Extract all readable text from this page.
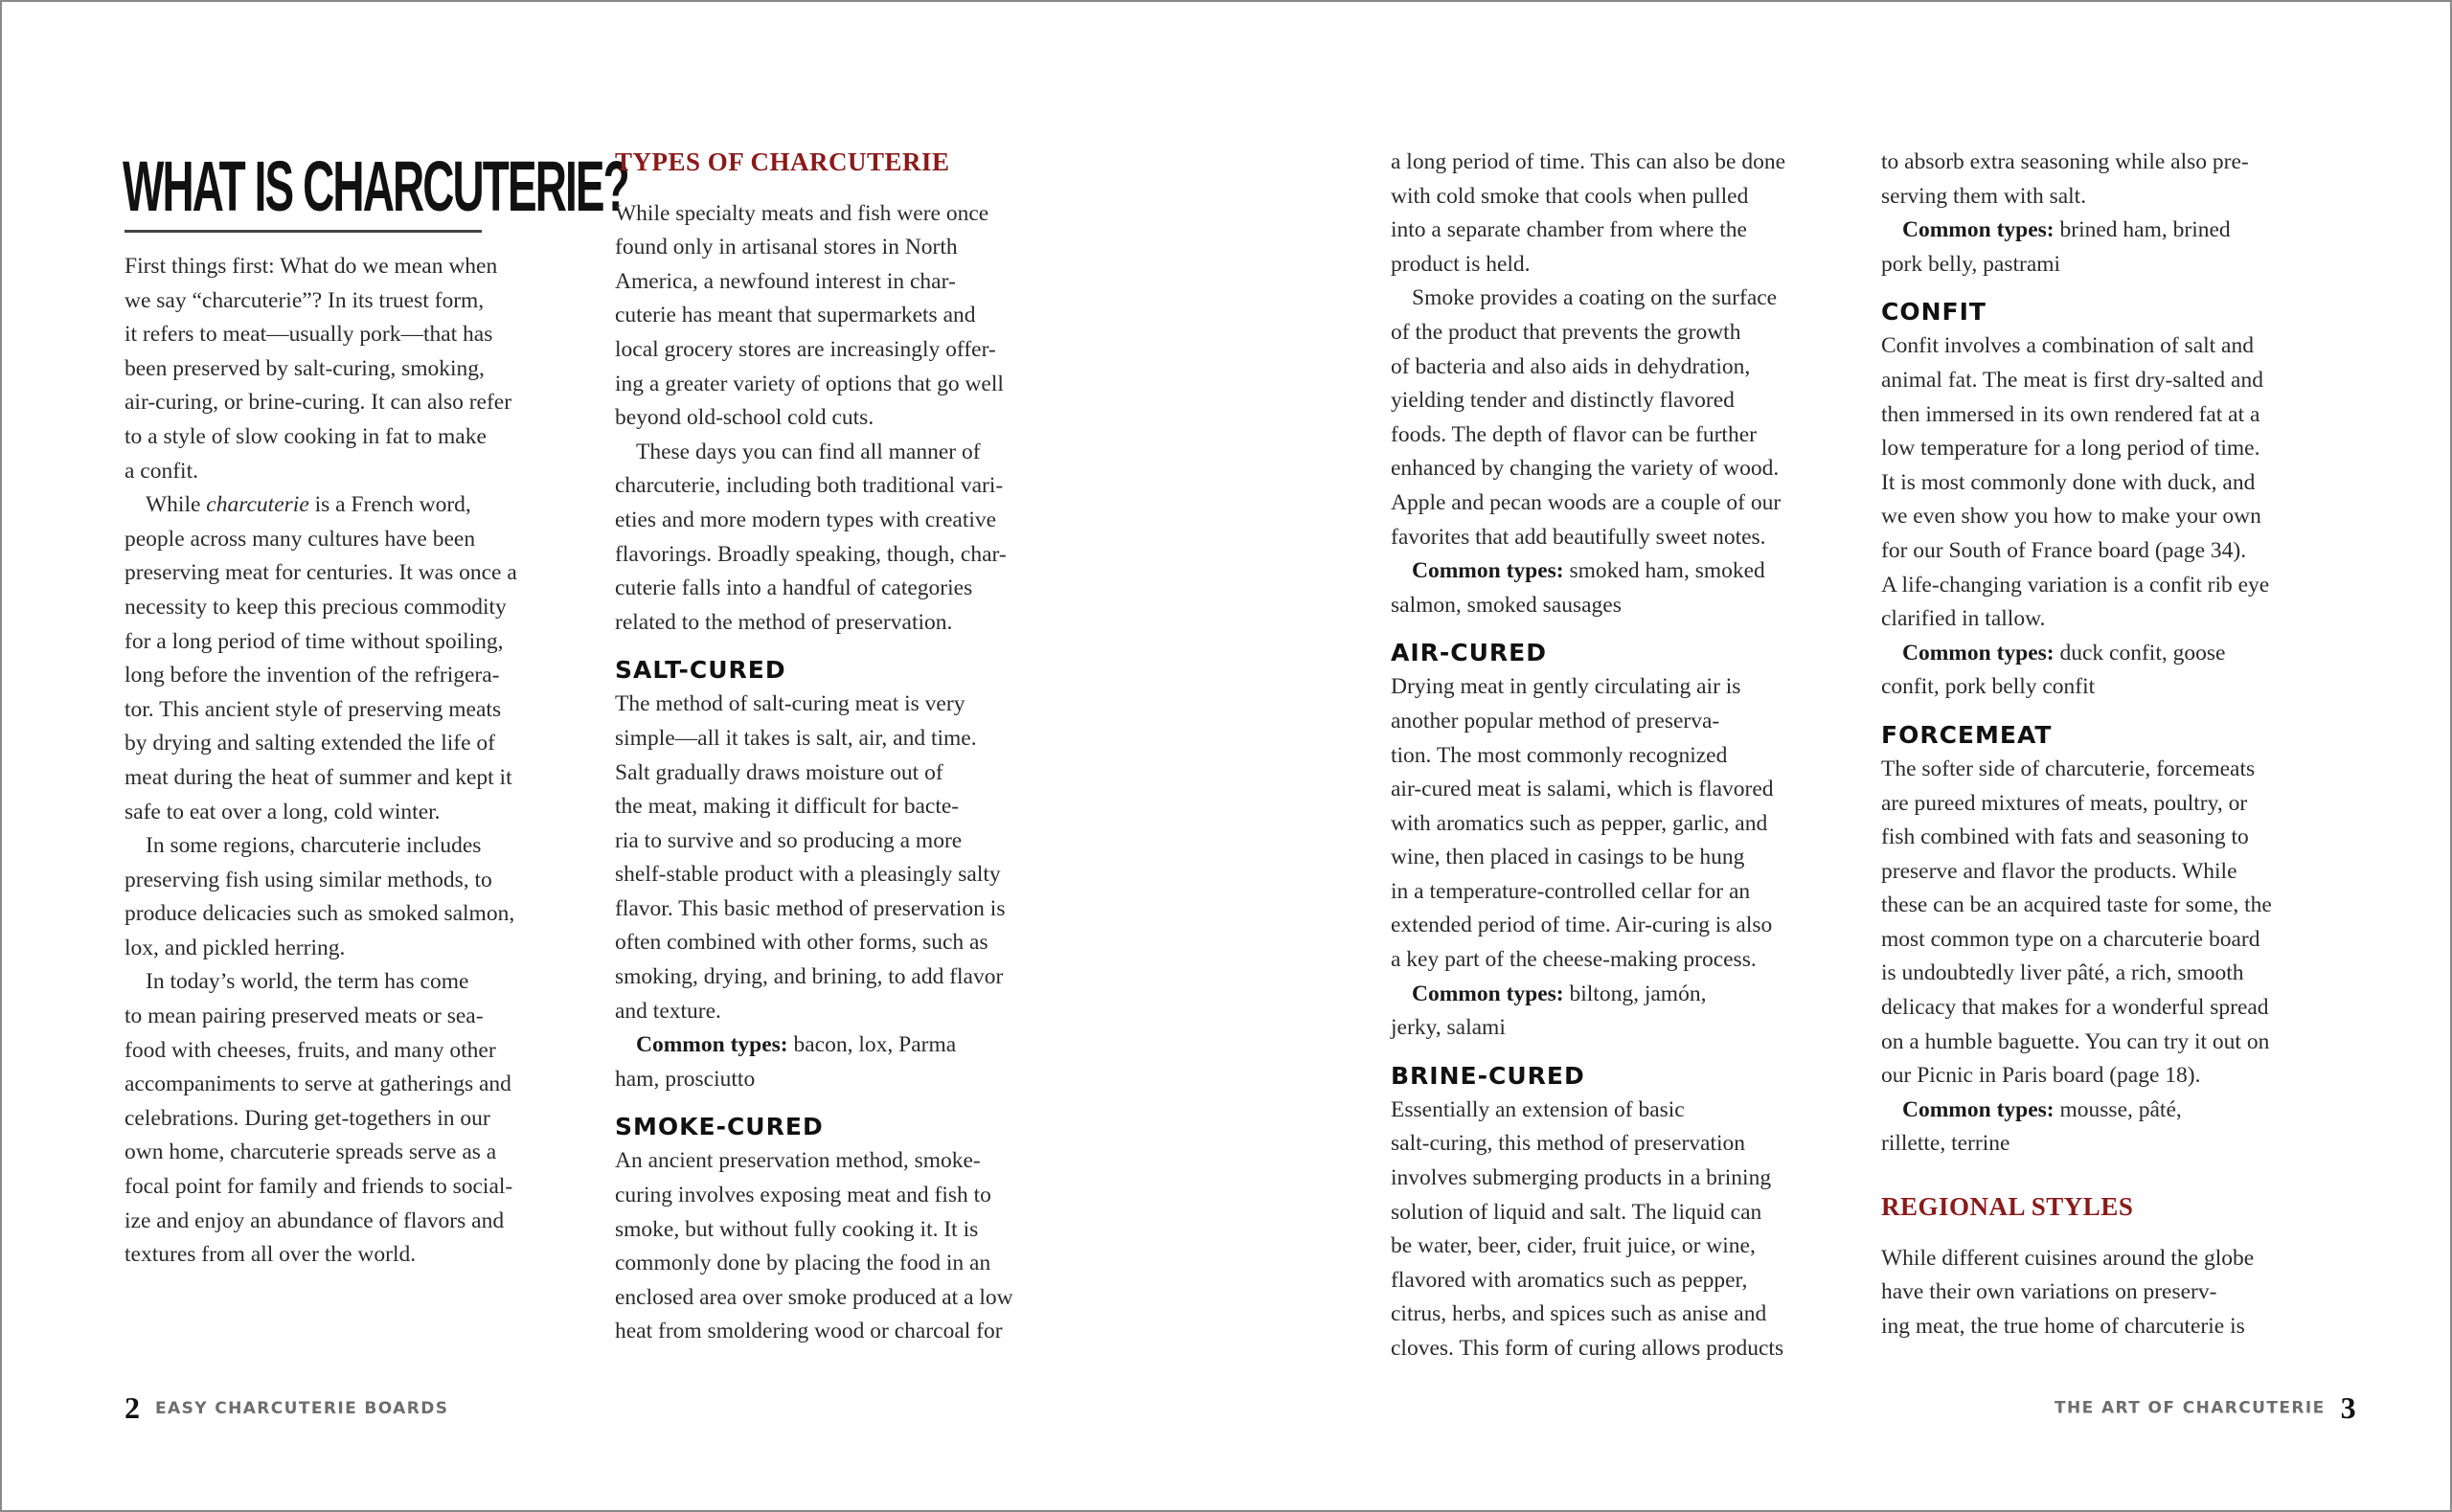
WHAT IS CHARCUTERIE?
First things first: What do we mean when
we say “charcuterie”? In its truest form,
it refers to meat—usually pork—that has
been preserved by salt-curing, smoking,
air-curing, or brine-curing. It can also refer
to a style of slow cooking in fat to make
a confit.
While charcuterie is a French word,
people across many cultures have been
preserving meat for centuries. It was once a
necessity to keep this precious commodity
for a long period of time without spoiling,
long before the invention of the refrigera-
tor. This ancient style of preserving meats
by drying and salting extended the life of
meat during the heat of summer and kept it
safe to eat over a long, cold winter.
In some regions, charcuterie includes
preserving fish using similar methods, to
produce delicacies such as smoked salmon,
lox, and pickled herring.
In today’s world, the term has come
to mean pairing preserved meats or sea-
food with cheeses, fruits, and many other
accompaniments to serve at gatherings and
celebrations. During get-togethers in our
own home, charcuterie spreads serve as a
focal point for family and friends to social-
ize and enjoy an abundance of flavors and
textures from all over the world.
TYPES OF CHARCUTERIE
While specialty meats and fish were once
found only in artisanal stores in North
America, a newfound interest in char-
cuterie has meant that supermarkets and
local grocery stores are increasingly offer-
ing a greater variety of options that go well
beyond old-school cold cuts.
These days you can find all manner of
charcuterie, including both traditional vari-
eties and more modern types with creative
flavorings. Broadly speaking, though, char-
cuterie falls into a handful of categories
related to the method of preservation.
SALT-CURED
The method of salt-curing meat is very
simple—all it takes is salt, air, and time.
Salt gradually draws moisture out of
the meat, making it difficult for bacte-
ria to survive and so producing a more
shelf-stable product with a pleasingly salty
flavor. This basic method of preservation is
often combined with other forms, such as
smoking, drying, and brining, to add flavor
and texture.
Common types: bacon, lox, Parma
ham, prosciutto
SMOKE-CURED
An ancient preservation method, smoke-
curing involves exposing meat and fish to
smoke, but without fully cooking it. It is
commonly done by placing the food in an
enclosed area over smoke produced at a low
heat from smoldering wood or charcoal for
2 EASY CHARCUTERIE BOARDS
a long period of time. This can also be done
with cold smoke that cools when pulled
into a separate chamber from where the
product is held.
Smoke provides a coating on the surface
of the product that prevents the growth
of bacteria and also aids in dehydration,
yielding tender and distinctly flavored
foods. The depth of flavor can be further
enhanced by changing the variety of wood.
Apple and pecan woods are a couple of our
favorites that add beautifully sweet notes.
Common types: smoked ham, smoked
salmon, smoked sausages
AIR-CURED
Drying meat in gently circulating air is
another popular method of preserva-
tion. The most commonly recognized
air-cured meat is salami, which is flavored
with aromatics such as pepper, garlic, and
wine, then placed in casings to be hung
in a temperature-controlled cellar for an
extended period of time. Air-curing is also
a key part of the cheese-making process.
Common types: biltong, jamón,
jerky, salami
BRINE-CURED
Essentially an extension of basic
salt-curing, this method of preservation
involves submerging products in a brining
solution of liquid and salt. The liquid can
be water, beer, cider, fruit juice, or wine,
flavored with aromatics such as pepper,
citrus, herbs, and spices such as anise and
cloves. This form of curing allows products
to absorb extra seasoning while also pre-
serving them with salt.
Common types: brined ham, brined
pork belly, pastrami
CONFIT
Confit involves a combination of salt and
animal fat. The meat is first dry-salted and
then immersed in its own rendered fat at a
low temperature for a long period of time.
It is most commonly done with duck, and
we even show you how to make your own
for our South of France board (page 34).
A life-changing variation is a confit rib eye
clarified in tallow.
Common types: duck confit, goose
confit, pork belly confit
FORCEMEAT
The softer side of charcuterie, forcemeats
are pureed mixtures of meats, poultry, or
fish combined with fats and seasoning to
preserve and flavor the products. While
these can be an acquired taste for some, the
most common type on a charcuterie board
is undoubtedly liver pâté, a rich, smooth
delicacy that makes for a wonderful spread
on a humble baguette. You can try it out on
our Picnic in Paris board (page 18).
Common types: mousse, pâté,
rillette, terrine
REGIONAL STYLES
While different cuisines around the globe
have their own variations on preserv-
ing meat, the true home of charcuterie is
THE ART OF CHARCUTERIE 3
